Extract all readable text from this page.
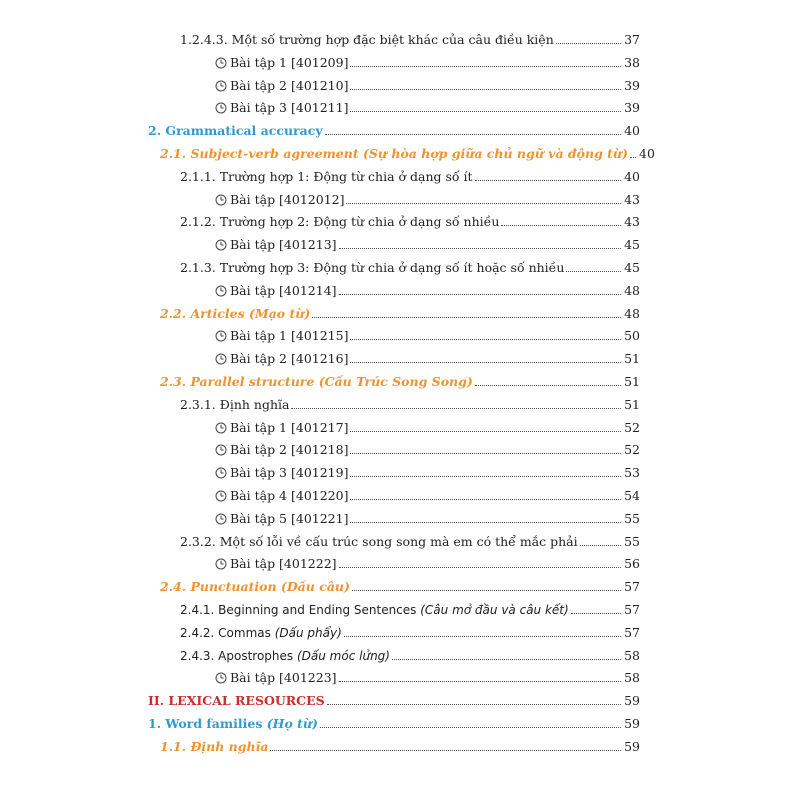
1.2.4.3. Một số trường hợp đặc biệt khác của câu điều kiện	37
Bài tập 1 [401209]	38
Bài tập 2 [401210]	39
Bài tập 3 [401211]	39
2. Grammatical accuracy	40
2.1. Subject-verb agreement (Sự hòa hợp giữa chủ ngữ và động từ) 40
2.1.1. Trường hợp 1: Động từ chia ở dạng số ít	40
Bài tập [4012012]	43
2.1.2. Trường hợp 2: Động từ chia ở dạng số nhiều	43
Bài tập [401213]	45
2.1.3. Trường hợp 3: Động từ chia ở dạng số ít hoặc số nhiều	45
Bài tập [401214]	48
2.2. Articles (Mạo từ)	48
Bài tập 1 [401215]	50
Bài tập 2 [401216]	51
2.3. Parallel structure (Cấu Trúc Song Song)	51
2.3.1. Định nghĩa	51
Bài tập 1 [401217]	52
Bài tập 2 [401218]	52
Bài tập 3 [401219]	53
Bài tập 4 [401220]	54
Bài tập 5 [401221]	55
2.3.2. Một số lỗi về cấu trúc song song mà em có thể mắc phải	55
Bài tập [401222]	56
2.4. Punctuation (Dấu câu)	57
2.4.1. Beginning and Ending Sentences (Câu mở đầu và câu kết)	57
2.4.2. Commas (Dấu phẩy)	57
2.4.3. Apostrophes (Dấu móc lửng)	58
Bài tập [401223]	58
II. LEXICAL RESOURCES	59
1. Word families (Họ từ)	59
1.1. Định nghĩa	59
